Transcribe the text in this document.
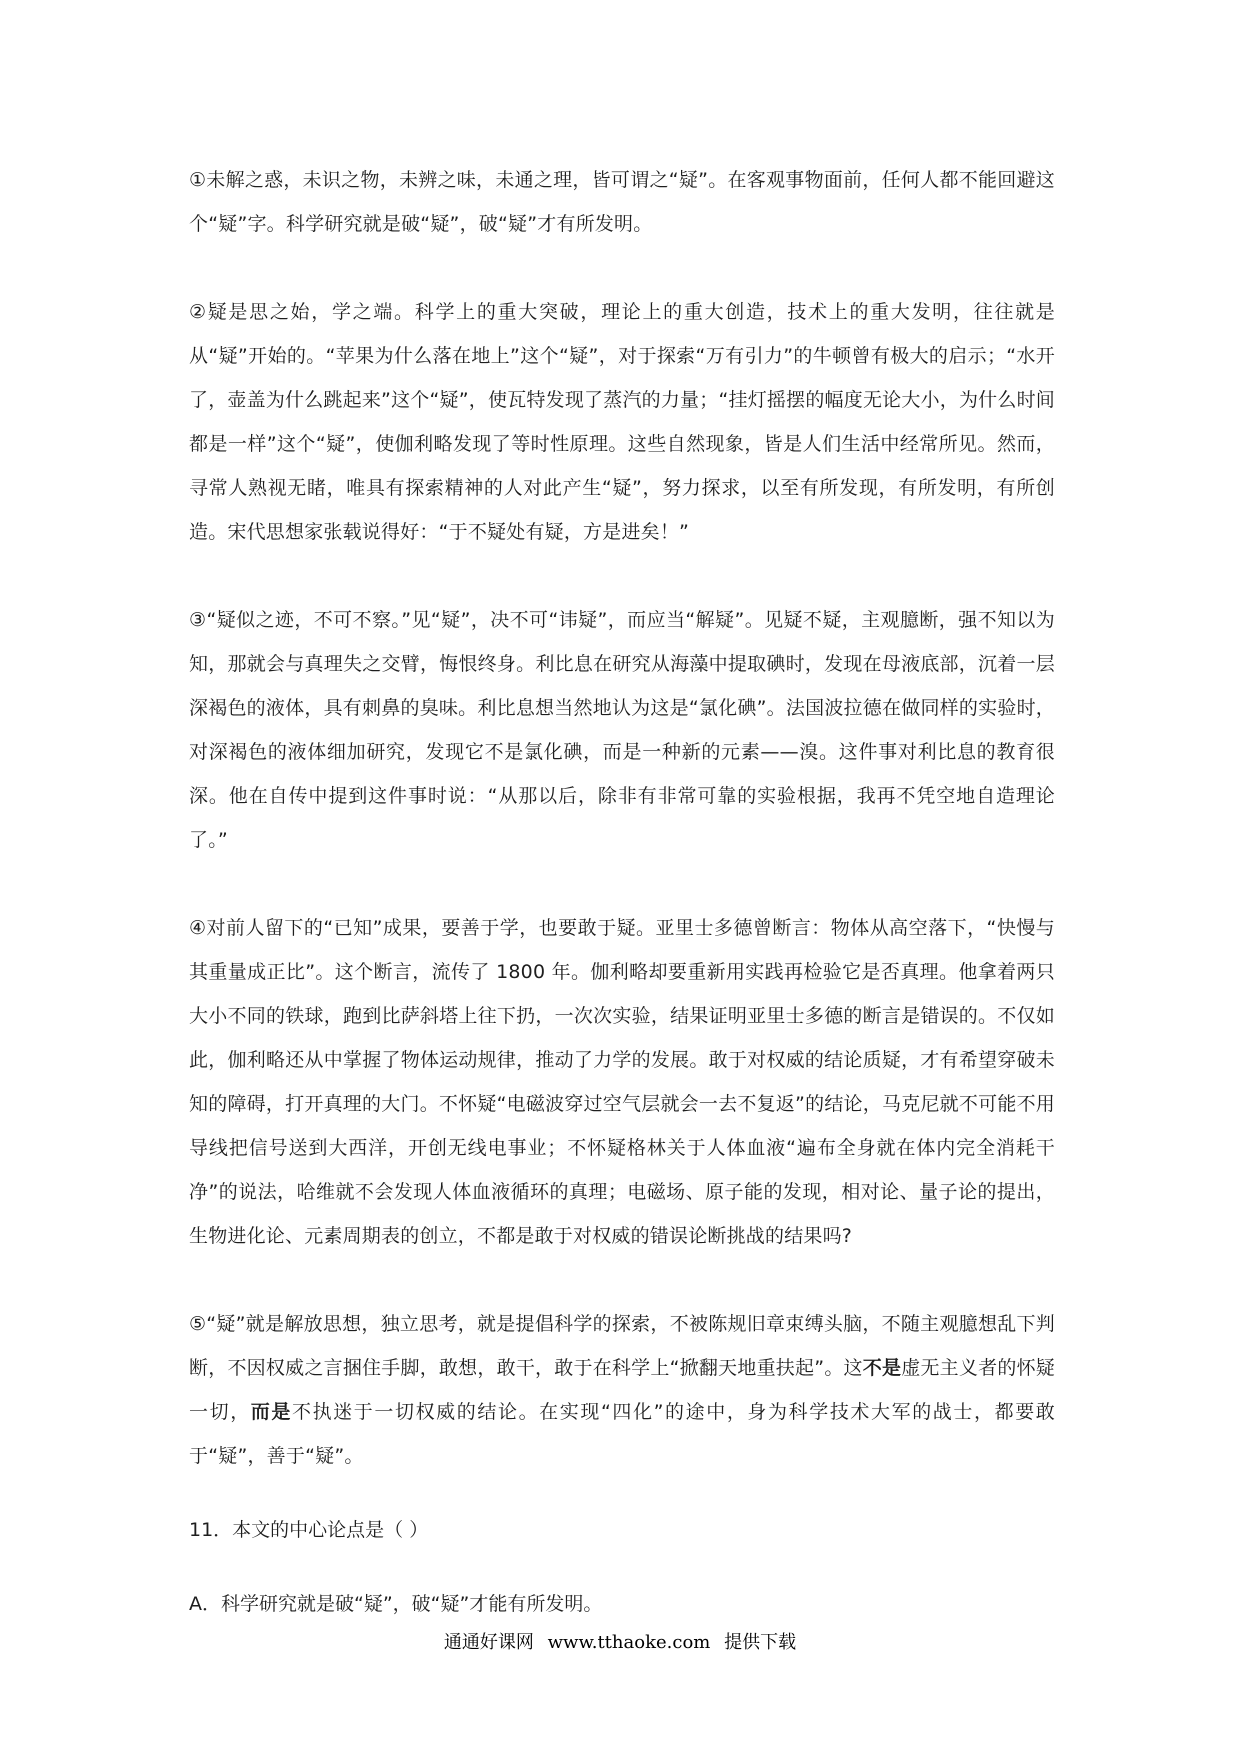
①未解之惑，未识之物，未辨之味，未通之理，皆可谓之“疑”。在客观事物面前，任何人都不能回避这个“疑”字。科学研究就是破“疑”，破“疑”才有所发明。

②疑是思之始，学之端。科学上的重大突破，理论上的重大创造，技术上的重大发明，往往就是从“疑”开始的。“苹果为什么落在地上”这个“疑”，对于探索“万有引力”的牛顿曾有极大的启示；“水开了，壶盖为什么跳起来”这个“疑”，使瓦特发现了蒸汽的力量；“挂灯摇摆的幅度无论大小，为什么时间都是一样”这个“疑”，使伽利略发现了等时性原理。这些自然现象，皆是人们生活中经常所见。然而，寻常人熟视无睹，唯具有探索精神的人对此产生“疑”，努力探求，以至有所发现，有所发明，有所创造。宋代思想家张载说得好：“于不疑处有疑，方是进矣！”

③“疑似之迹，不可不察。”见“疑”，决不可“讳疑”，而应当“解疑”。见疑不疑，主观臆断，强不知以为知，那就会与真理失之交臂，悔恨终身。利比息在研究从海藻中提取碘时，发现在母液底部，沉着一层深褐色的液体，具有刺鼻的臭味。利比息想当然地认为这是“氯化碘”。法国波拉德在做同样的实验时，对深褐色的液体细加研究，发现它不是氯化碘，而是一种新的元素——溴。这件事对利比息的教育很深。他在自传中提到这件事时说：“从那以后，除非有非常可靠的实验根据，我再不凭空地自造理论了。”

④对前人留下的“已知”成果，要善于学，也要敢于疑。亚里士多德曾断言：物体从高空落下，“快慢与其重量成正比”。这个断言，流传了 1800 年。伽利略却要重新用实践再检验它是否真理。他拿着两只大小不同的铁球，跑到比萨斜塔上往下扔，一次次实验，结果证明亚里士多德的断言是错误的。不仅如此，伽利略还从中掌握了物体运动规律，推动了力学的发展。敢于对权威的结论质疑，才有希望穿破未知的障碍，打开真理的大门。不怀疑“电磁波穿过空气层就会一去不复返”的结论，马克尼就不可能不用导线把信号送到大西洋，开创无线电事业；不怀疑格林关于人体血液“遍布全身就在体内完全消耗干净”的说法，哈维就不会发现人体血液循环的真理；电磁场、原子能的发现，相对论、量子论的提出，生物进化论、元素周期表的创立，不都是敢于对权威的错误论断挑战的结果吗?

⑤“疑”就是解放思想，独立思考，就是提倡科学的探索，不被陈规旧章束缚头脑，不随主观臆想乱下判断，不因权威之言捆住手脚，敢想，敢干，敢于在科学上“掀翻天地重扶起”。这不是虚无主义者的怀疑一切，而是不执迷于一切权威的结论。在实现“四化”的途中，身为科学技术大军的战士，都要敢于“疑”，善于“疑”。

11．本文的中心论点是（ ）

A．科学研究就是破“疑”，破“疑”才能有所发明。

通通好课网 www.tthaoke.com 提供下载
